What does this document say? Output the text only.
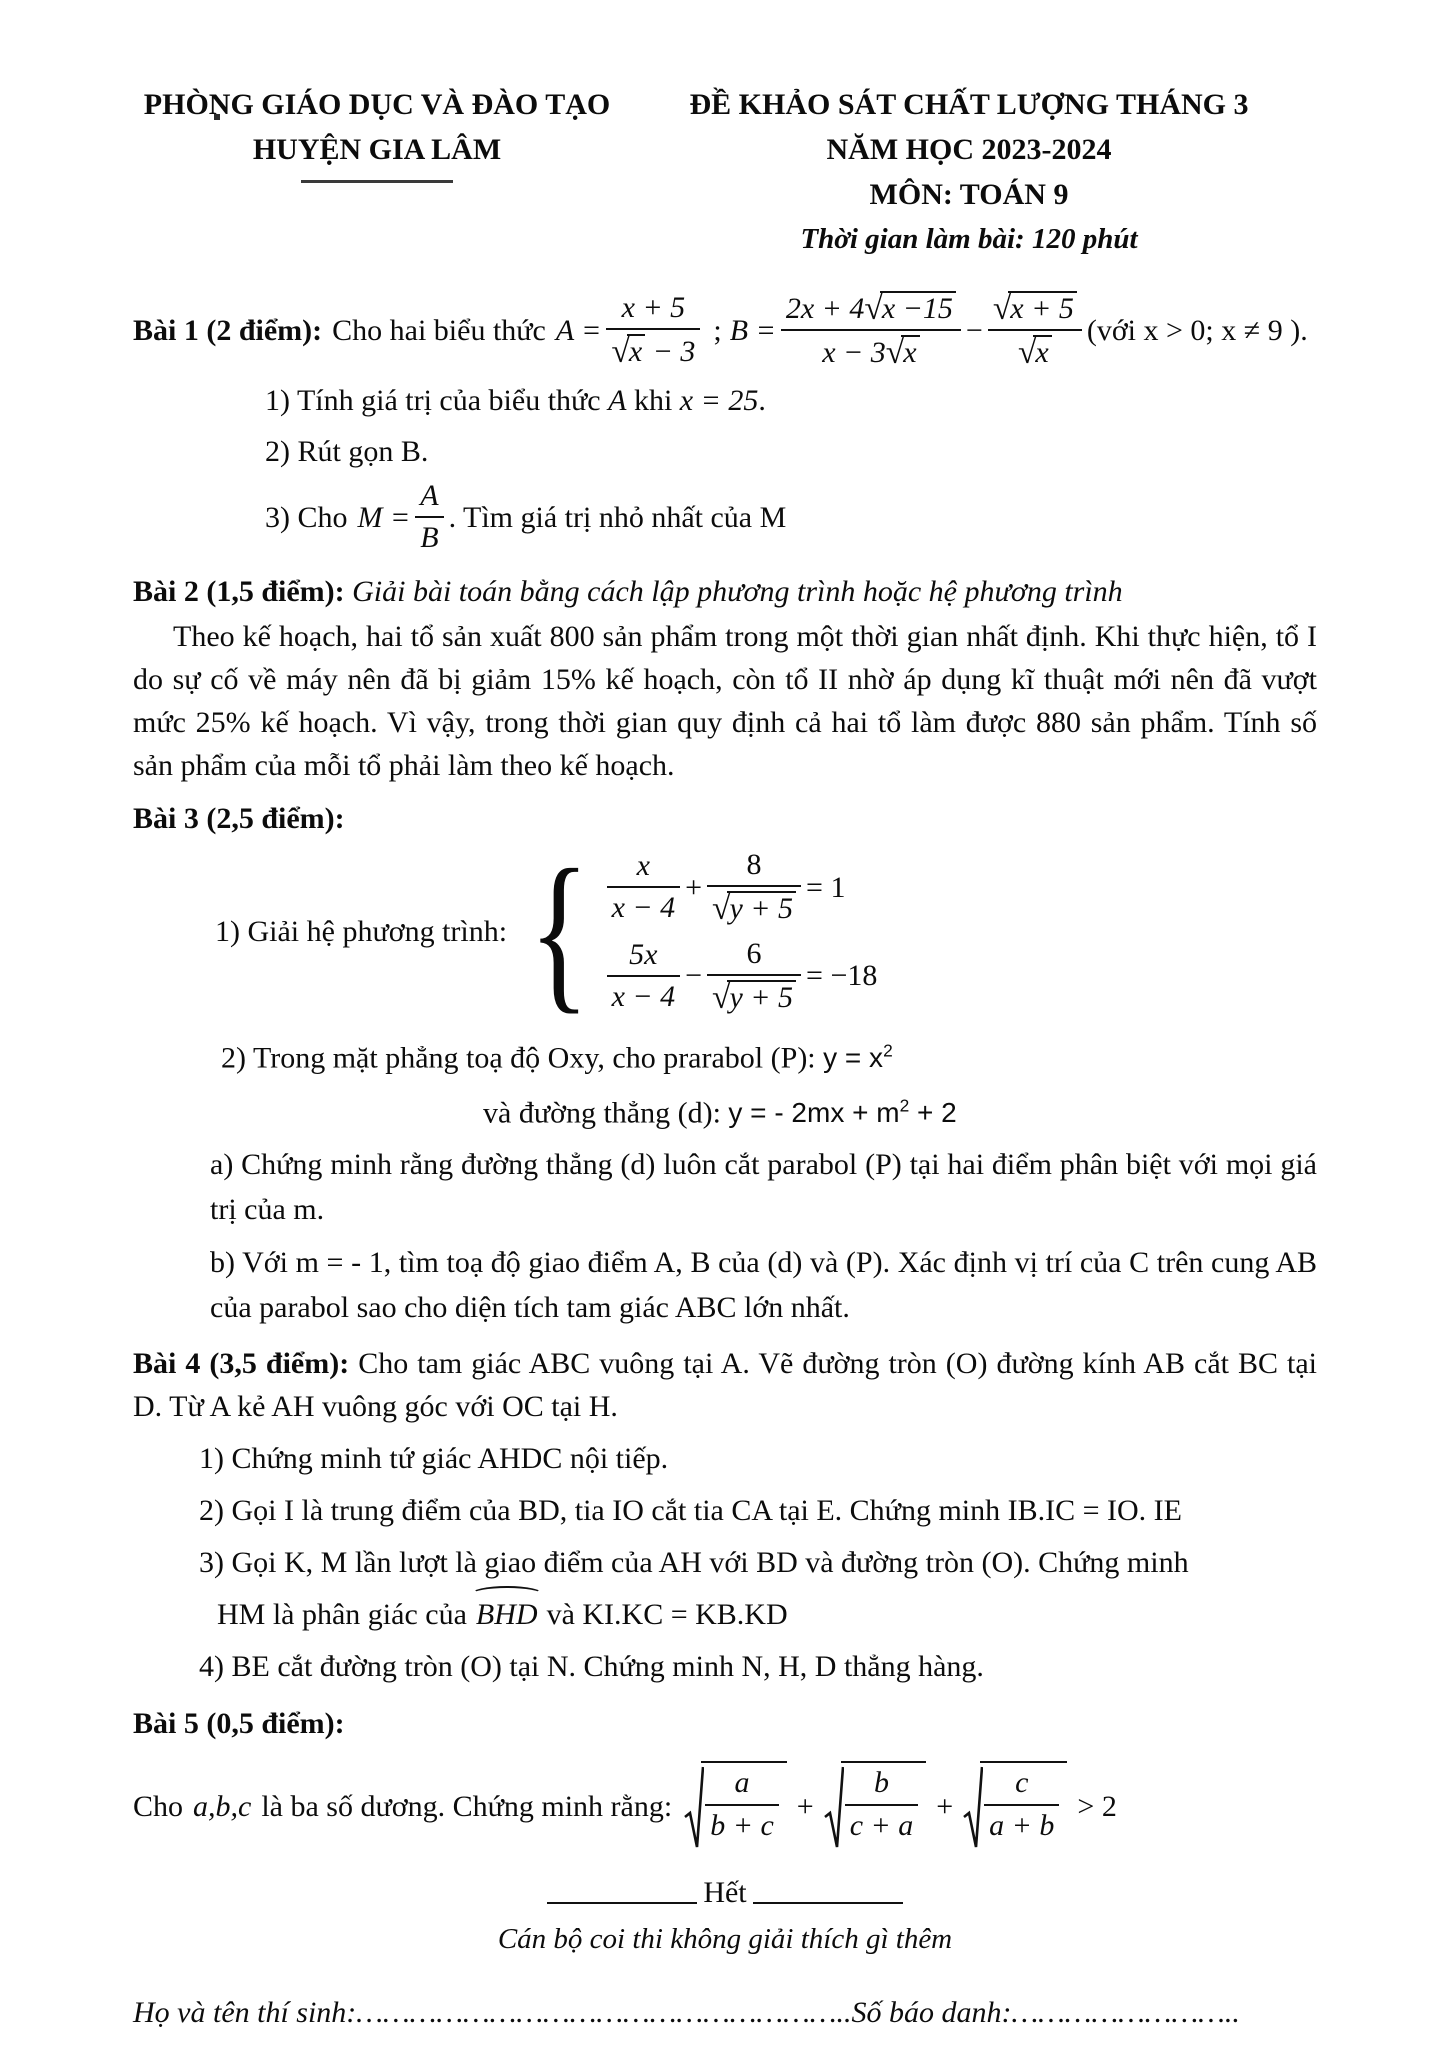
PHÒNG GIÁO DỤC VÀ ĐÀO TẠO
HUYỆN GIA LÂM
ĐỀ KHẢO SÁT CHẤT LƯỢNG THÁNG 3
NĂM HỌC 2023-2024
MÔN: TOÁN 9
Thời gian làm bài: 120 phút
Bài 1 (2 điểm): Cho hai biểu thức $A = \frac{x + 5}{√x - 3}$ ; $B = \frac{2x + 4√x -15}{x - 3√x} - \frac{√x + 5}{√x}$ (với x > 0; x ≠ 9 ).
1) Tính giá trị của biểu thức A khi x = 25.
2) Rút gọn B.
3) Cho $M = \frac{A}{B}$ . Tìm giá trị nhỏ nhất của M
Bài 2 (1,5 điểm): Giải bài toán bằng cách lập phương trình hoặc hệ phương trình
Theo kế hoạch, hai tổ sản xuất 800 sản phẩm trong một thời gian nhất định. Khi thực hiện, tổ I do sự cố về máy nên đã bị giảm 15% kế hoạch, còn tổ II nhờ áp dụng kĩ thuật mới nên đã vượt mức 25% kế hoạch. Vì vậy, trong thời gian quy định cả hai tổ làm được 880 sản phẩm. Tính số sản phẩm của mỗi tổ phải làm theo kế hoạch.
Bài 3 (2,5 điểm):
1) Giải hệ phương trình: {	x
x − 4
+ $\frac{8}{√y + 5} = 1$
5x
x − 4
− $\frac{6}{√y + 5} = -18$
2) Trong mặt phẳng toạ độ Oxy, cho prarabol (P): $y = x^2$
và đường thẳng (d): y = - $2mx + m^2 + 2$
a) Chứng minh rằng đường thẳng (d) luôn cắt parabol (P) tại hai điểm phân biệt với mọi giá trị của m.
b) Với m = - 1, tìm toạ độ giao điểm A, B của (d) và (P). Xác định vị trí của C trên cung AB của parabol sao cho diện tích tam giác ABC lớn nhất.
Bài 4 (3,5 điểm): Cho tam giác ABC vuông tại A. Vẽ đường tròn (O) đường kính AB cắt BC tại D. Từ A kẻ AH vuông góc với OC tại H.
1) Chứng minh tứ giác AHDC nội tiếp.
2) Gọi I là trung điểm của BD, tia IO cắt tia CA tại E. Chứng minh IB.IC = IO. IE
3) Gọi K, M lần lượt là giao điểm của AH với BD và đường tròn (O). Chứng minh
HM là phân giác của BHD và KI.KC = KB.KD
4) BE cắt đường tròn (O) tại N. Chứng minh N, H, D thẳng hàng.
Bài 5 (0,5 điểm):
Cho a,b,c là ba số dương. Chứng minh rằng: $\frac{a}{b + c} + \frac{b}{c + a} + \frac{c}{a + b} > 2$
Hết
Cán bộ coi thi không giải thích gì thêm
Họ và tên thí sinh:………………………………………………..Số báo danh:……………………..
